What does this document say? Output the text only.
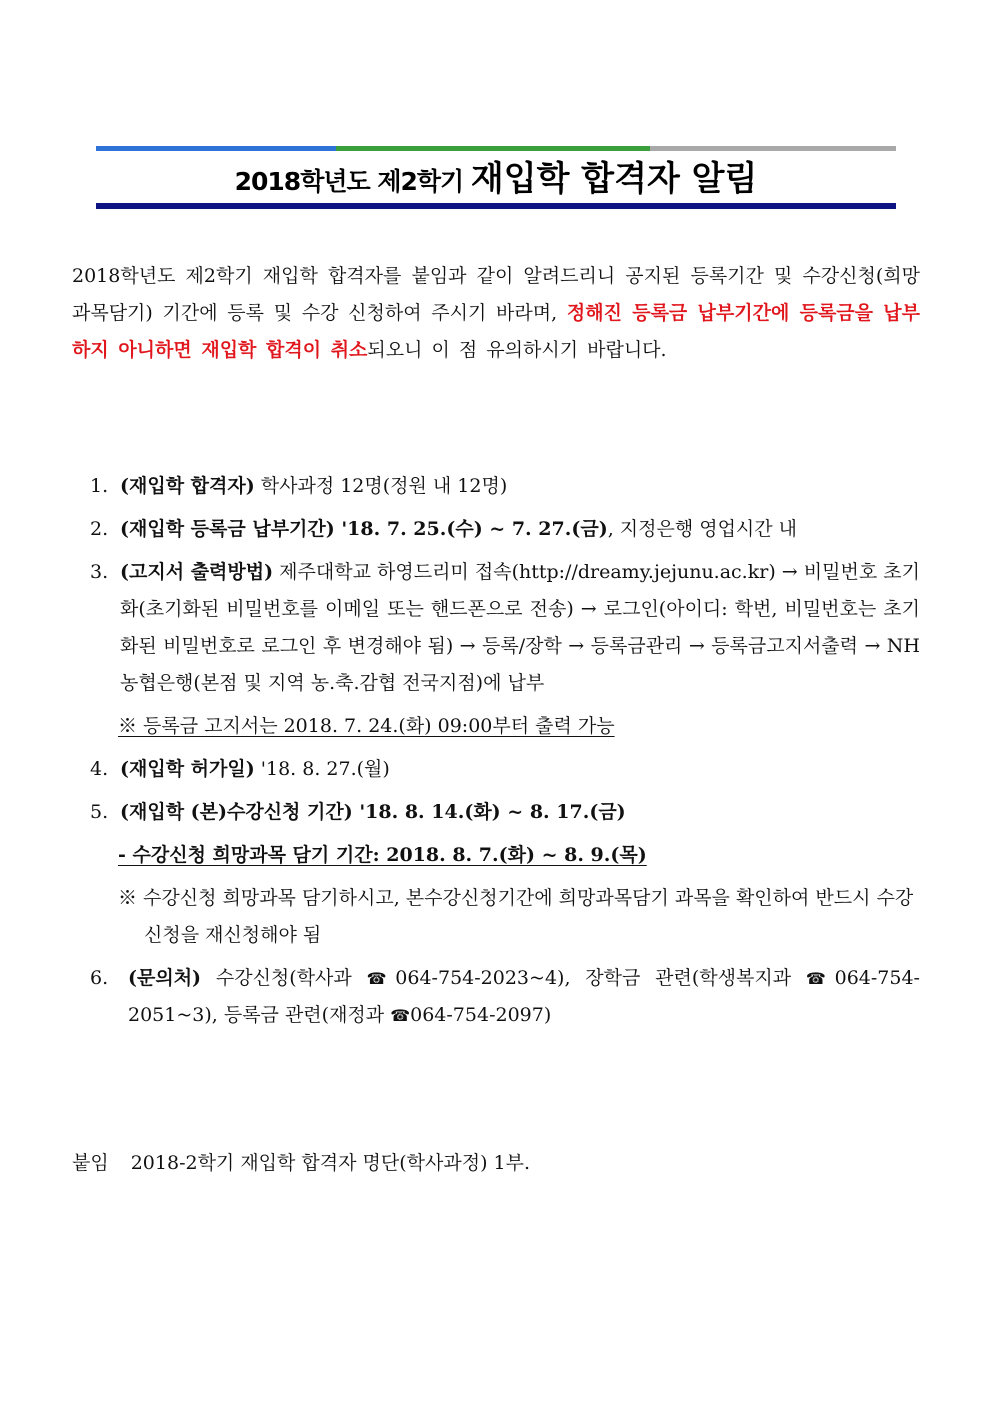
2018학년도 제2학기 재입학 합격자 알림
2018학년도 제2학기 재입학 합격자를 붙임과 같이 알려드리니 공지된 등록기간 및 수강신청(희망과목담기) 기간에 등록 및 수강 신청하여 주시기 바라며, 정해진 등록금 납부기간에 등록금을 납부하지 아니하면 재입학 합격이 취소되오니 이 점 유의하시기 바랍니다.
1. (재입학 합격자) 학사과정 12명(정원 내 12명)
2. (재입학 등록금 납부기간) '18. 7. 25.(수) ~ 7. 27.(금), 지정은행 영업시간 내
3. (고지서 출력방법) 제주대학교 하영드리미 접속(http://dreamy.jejunu.ac.kr) → 비밀번호 초기화(초기화된 비밀번호를 이메일 또는 핸드폰으로 전송) → 로그인(아이디: 학번, 비밀번호는 초기화된 비밀번호로 로그인 후 변경해야 됨) → 등록/장학 → 등록금관리 → 등록금고지서출력 → NH농협은행(본점 및 지역 농.축.감협 전국지점)에 납부
※ 등록금 고지서는 2018. 7. 24.(화) 09:00부터 출력 가능
4. (재입학 허가일) '18. 8. 27.(월)
5. (재입학 (본)수강신청 기간) '18. 8. 14.(화) ~ 8. 17.(금)
- 수강신청 희망과목 담기 기간: 2018. 8. 7.(화) ~ 8. 9.(목)
※ 수강신청 희망과목 담기하시고, 본수강신청기간에 희망과목담기 과목을 확인하여 반드시 수강신청을 재신청해야 됨
6. (문의처) 수강신청(학사과 ☎064-754-2023~4), 장학금 관련(학생복지과 ☎064-754-2051~3), 등록금 관련(재정과 ☎064-754-2097)
붙임 2018-2학기 재입학 합격자 명단(학사과정) 1부.
